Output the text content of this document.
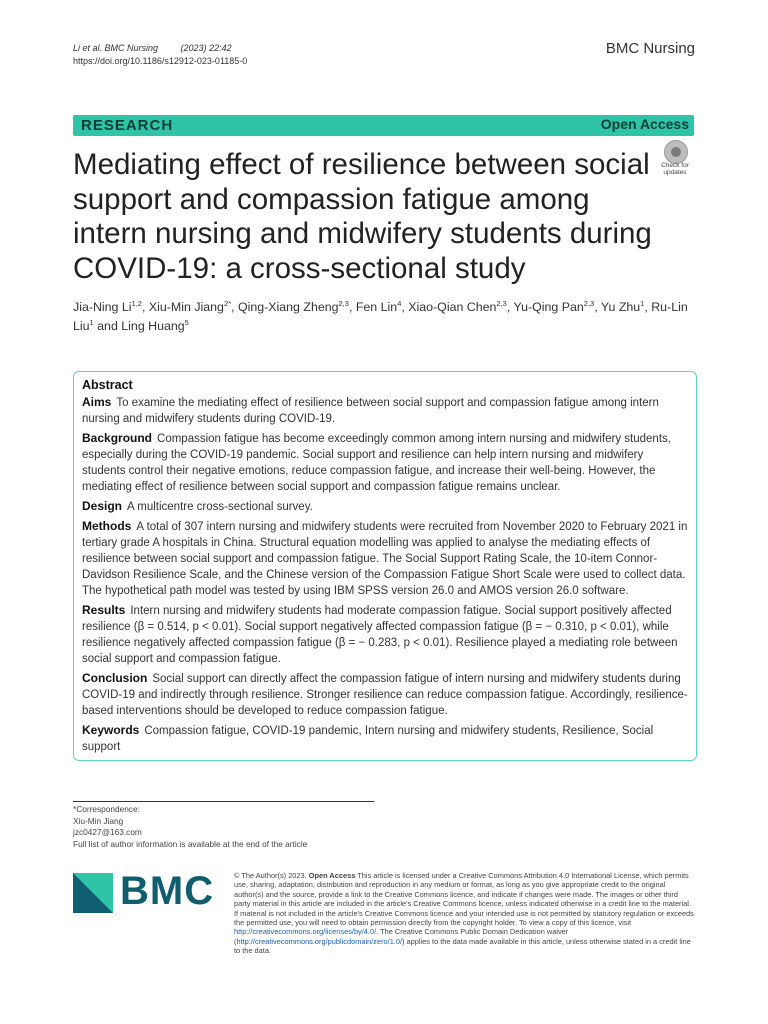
Li et al. BMC Nursing	(2023) 22:42
https://doi.org/10.1186/s12912-023-01185-0
BMC Nursing
RESEARCH	Open Access
Mediating effect of resilience between social support and compassion fatigue among intern nursing and midwifery students during COVID-19: a cross-sectional study
Check for
updates
Jia-Ning Li$^{1,2}$, Xiu-Min Jiang$^{2*}$, Qing-Xiang Zheng$^{2,3}$, Fen Lin$^4$, Xiao-Qian Chen$^{2,3}$, Yu-Qing Pan$^{2,3}$, Yu Zhu$^1$, Ru-Lin Liu$^1$ and Ling Huang$^5$
Abstract

Aims To examine the mediating effect of resilience between social support and compassion fatigue among intern nursing and midwifery students during COVID-19.

Background Compassion fatigue has become exceedingly common among intern nursing and midwifery students, especially during the COVID-19 pandemic. Social support and resilience can help intern nursing and midwifery students control their negative emotions, reduce compassion fatigue, and increase their well-being. However, the mediating effect of resilience between social support and compassion fatigue remains unclear.

Design A multicentre cross-sectional survey.

Methods A total of 307 intern nursing and midwifery students were recruited from November 2020 to February 2021 in tertiary grade A hospitals in China. Structural equation modelling was applied to analyse the mediating effects of resilience between social support and compassion fatigue. The Social Support Rating Scale, the 10-item Connor-Davidson Resilience Scale, and the Chinese version of the Compassion Fatigue Short Scale were used to collect data. The hypothetical path model was tested by using IBM SPSS version 26.0 and AMOS version 26.0 software.

Results Intern nursing and midwifery students had moderate compassion fatigue. Social support positively affected resilience (β = 0.514, p < 0.01). Social support negatively affected compassion fatigue (β = − 0.310, p < 0.01), while resilience negatively affected compassion fatigue (β = − 0.283, p < 0.01). Resilience played a mediating role between social support and compassion fatigue.

Conclusion Social support can directly affect the compassion fatigue of intern nursing and midwifery students during COVID-19 and indirectly through resilience. Stronger resilience can reduce compassion fatigue. Accordingly, resilience-based interventions should be developed to reduce compassion fatigue.

Keywords Compassion fatigue, COVID-19 pandemic, Intern nursing and midwifery students, Resilience, Social support

*Correspondence:
Xiu-Min Jiang
jzc0427@163.com
Full list of author information is available at the end of the article
BMC	© The Author(s) 2023. Open Access This article is licensed under a Creative Commons Attribution 4.0 International License, which permits use, sharing, adaptation, distribution and reproduction in any medium or format, as long as you give appropriate credit to the original author(s) and the source, provide a link to the Creative Commons licence, and indicate if changes were made. The images or other third party material in this article are included in the article's Creative Commons licence, unless indicated otherwise in a credit line to the material. If material is not included in the article's Creative Commons licence and your intended use is not permitted by statutory regulation or exceeds the permitted use, you will need to obtain permission directly from the copyright holder. To view a copy of this licence, visit http://creativecommons.org/licenses/by/4.0/. The Creative Commons Public Domain Dedication waiver (http://creativecommons.org/publicdomain/zero/1.0/) applies to the data made available in this article, unless otherwise stated in a credit line to the data.
